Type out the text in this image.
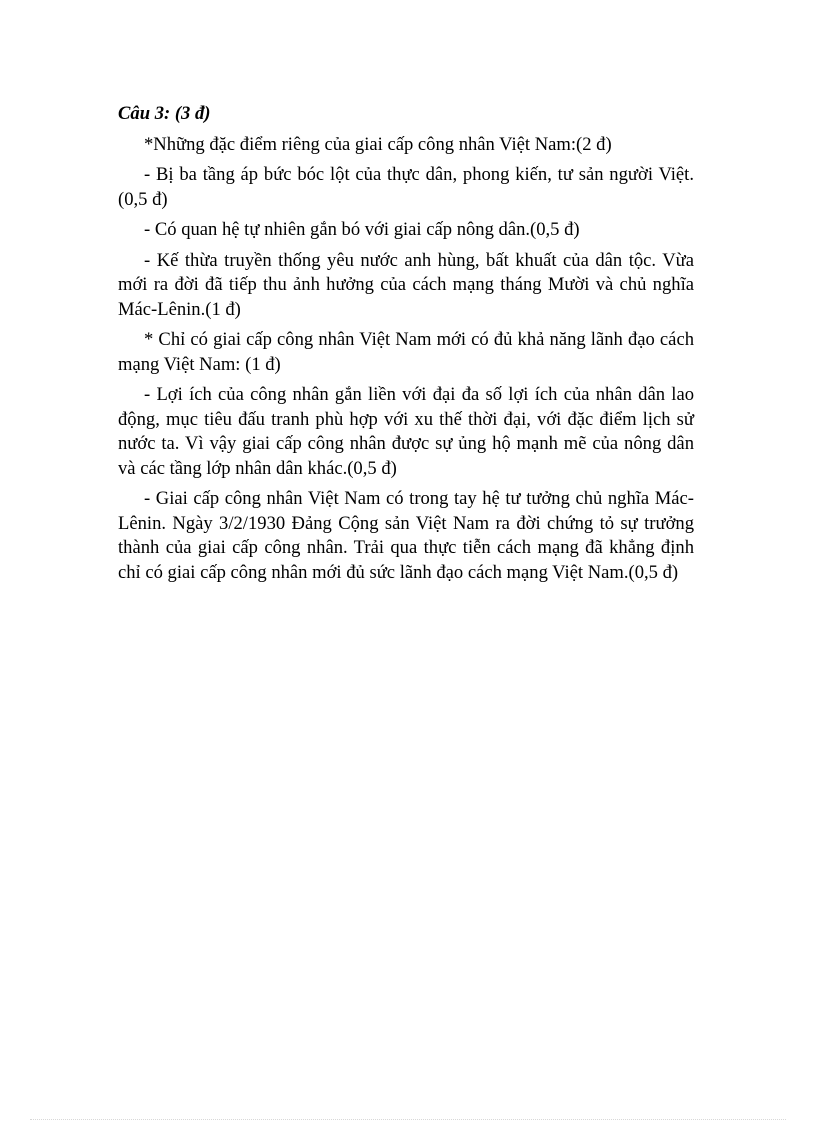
Câu 3: (3 đ)

*Những đặc điểm riêng của giai cấp công nhân Việt Nam:(2 đ)

- Bị ba tầng áp bức bóc lột của thực dân, phong kiến, tư sản người Việt.(0,5 đ)

- Có quan hệ tự nhiên gắn bó với giai cấp nông dân.(0,5 đ)

- Kế thừa truyền thống yêu nước anh hùng, bất khuất của dân tộc. Vừa mới ra đời đã tiếp thu ảnh hưởng của cách mạng tháng Mười và chủ nghĩa Mác-Lênin.(1 đ)

* Chỉ có giai cấp công nhân Việt Nam mới có đủ khả năng lãnh đạo cách mạng Việt Nam: (1 đ)

- Lợi ích của công nhân gắn liền với đại đa số lợi ích của nhân dân lao động, mục tiêu đấu tranh phù hợp với xu thế thời đại, với đặc điểm lịch sử nước ta. Vì vậy giai cấp công nhân được sự ủng hộ mạnh mẽ của nông dân và các tầng lớp nhân dân khác.(0,5 đ)

- Giai cấp công nhân Việt Nam có trong tay hệ tư tưởng chủ nghĩa Mác-Lênin. Ngày 3/2/1930 Đảng Cộng sản Việt Nam ra đời chứng tỏ sự trưởng thành của giai cấp công nhân. Trải qua thực tiễn cách mạng đã khẳng định chỉ có giai cấp công nhân mới đủ sức lãnh đạo cách mạng Việt Nam.(0,5 đ)
